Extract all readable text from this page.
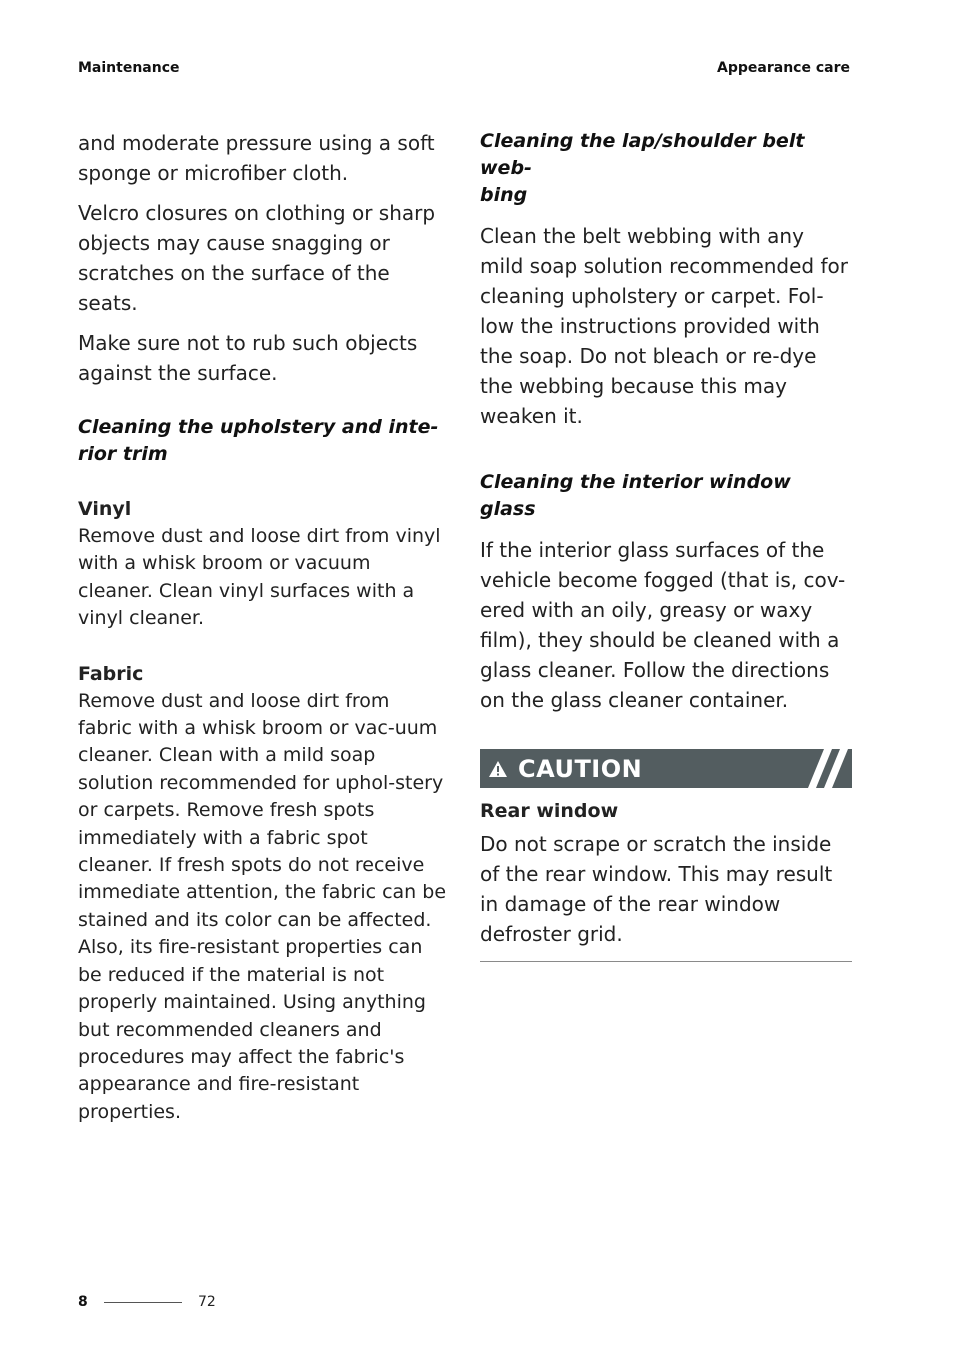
Maintenance	Appearance care

and moderate pressure using a soft sponge or microfiber cloth.

Velcro closures on clothing or sharp objects may cause snagging or scratches on the surface of the seats.

Make sure not to rub such objects against the surface.

Cleaning the upholstery and inte-
rior trim
Vinyl

Remove dust and loose dirt from vinyl with a whisk broom or vacuum cleaner. Clean vinyl surfaces with a vinyl cleaner.

Fabric

Remove dust and loose dirt from fabric with a whisk broom or vac-uum cleaner. Clean with a mild soap solution recommended for uphol-stery or carpets. Remove fresh spots immediately with a fabric spot cleaner. If fresh spots do not receive immediate attention, the fabric can be stained and its color can be affected. Also, its fire-resistant properties can be reduced if the material is not properly maintained. Using anything but recommended cleaners and procedures may affect the fabric's appearance and fire-resistant properties.

Cleaning the lap/shoulder belt web-
bing

Clean the belt webbing with any mild soap solution recommended for cleaning upholstery or carpet. Fol-low the instructions provided with the soap. Do not bleach or re-dye the webbing because this may weaken it.

Cleaning the interior window glass

If the interior glass surfaces of the vehicle become fogged (that is, cov-ered with an oily, greasy or waxy film), they should be cleaned with a glass cleaner. Follow the directions on the glass cleaner container.

CAUTION
Rear window

Do not scrape or scratch the inside of the rear window. This may result in damage of the rear window defroster grid.

8	72
